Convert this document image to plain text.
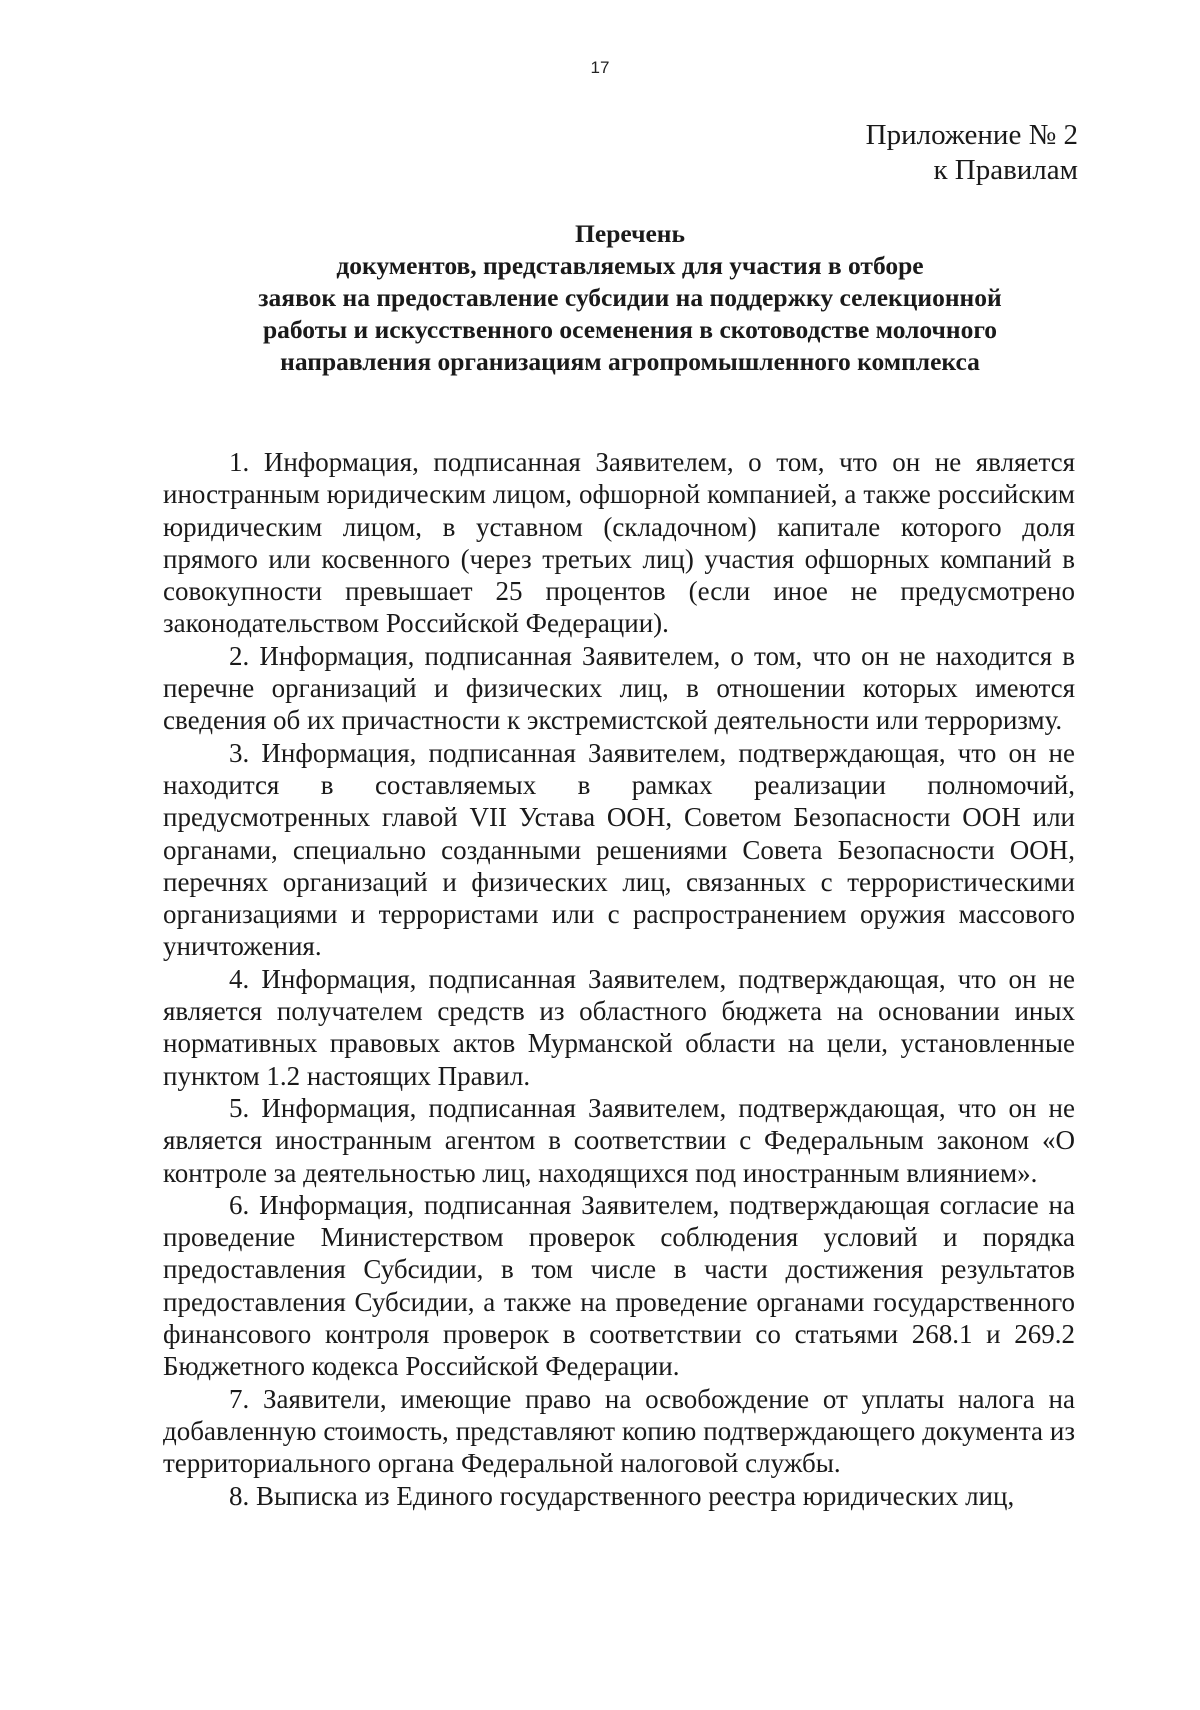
17
Приложение № 2
к Правилам
Перечень
документов, представляемых для участия в отборе
заявок на предоставление субсидии на поддержку селекционной
работы и искусственного осеменения в скотоводстве молочного
направления организациям агропромышленного комплекса

1. Информация, подписанная Заявителем, о том, что он не является иностранным юридическим лицом, офшорной компанией, а также российским юридическим лицом, в уставном (складочном) капитале которого доля прямого или косвенного (через третьих лиц) участия офшорных компаний в совокупности превышает 25 процентов (если иное не предусмотрено законодательством Российской Федерации).

2. Информация, подписанная Заявителем, о том, что он не находится в перечне организаций и физических лиц, в отношении которых имеются сведения об их причастности к экстремистской деятельности или терроризму.

3. Информация, подписанная Заявителем, подтверждающая, что он не находится в составляемых в рамках реализации полномочий, предусмотренных главой VII Устава ООН, Советом Безопасности ООН или органами, специально созданными решениями Совета Безопасности ООН, перечнях организаций и физических лиц, связанных с террористическими организациями и террористами или с распространением оружия массового уничтожения.

4. Информация, подписанная Заявителем, подтверждающая, что он не является получателем средств из областного бюджета на основании иных нормативных правовых актов Мурманской области на цели, установленные пунктом 1.2 настоящих Правил.

5. Информация, подписанная Заявителем, подтверждающая, что он не является иностранным агентом в соответствии с Федеральным законом «О контроле за деятельностью лиц, находящихся под иностранным влиянием».

6. Информация, подписанная Заявителем, подтверждающая согласие на проведение Министерством проверок соблюдения условий и порядка предоставления Субсидии, в том числе в части достижения результатов предоставления Субсидии, а также на проведение органами государственного финансового контроля проверок в соответствии со статьями 268.1 и 269.2 Бюджетного кодекса Российской Федерации.

7. Заявители, имеющие право на освобождение от уплаты налога на добавленную стоимость, представляют копию подтверждающего документа из территориального органа Федеральной налоговой службы.

8. Выписка из Единого государственного реестра юридических лиц,
